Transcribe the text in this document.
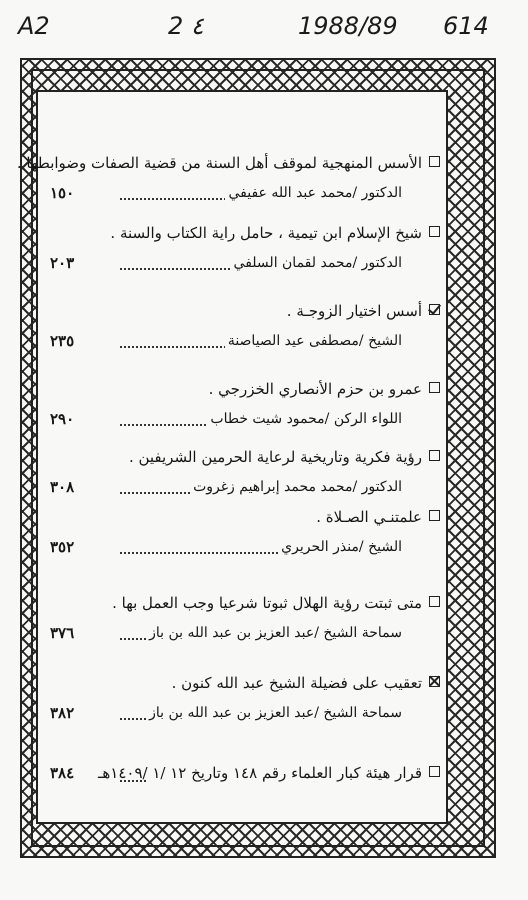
A2	2 ٤	1988/89 614
الأسس المنهجية لموقف أهل السنة من قضية الصفات وضوابطها .
الدكتور /محمد عبد الله عفيفي
١٥٠
شيخ الإسلام ابن تيمية ، حامل راية الكتاب والسنة .
الدكتور /محمد لقمان السلفي
٢٠٣
أسس اختيار الزوجـة .
الشيخ /مصطفى عيد الصياصنة
٢٣٥
عمرو بن حزم الأنصاري الخزرجي .
اللواء الركن /محمود شيت خطاب
٢٩٠
رؤية فكرية وتاريخية لرعاية الحرمين الشريفين .
الدكتور /محمد محمد إبراهيم زغروت
٣٠٨
علمتنـي الصـلاة .
الشيخ /منذر الحريري
٣٥٢
متى ثبتت رؤية الهلال ثبوتا شرعيا وجب العمل بها .
سماحة الشيخ /عبد العزيز بن عبد الله بن باز
٣٧٦
تعقيب على فضيلة الشيخ عبد الله كنون .
سماحة الشيخ /عبد العزيز بن عبد الله بن باز
٣٨٢
قرار هيئة كبار العلماء رقم ١٤٨ وتاريخ ١٢ /١ /١٤٠٩هـ
٣٨٤
